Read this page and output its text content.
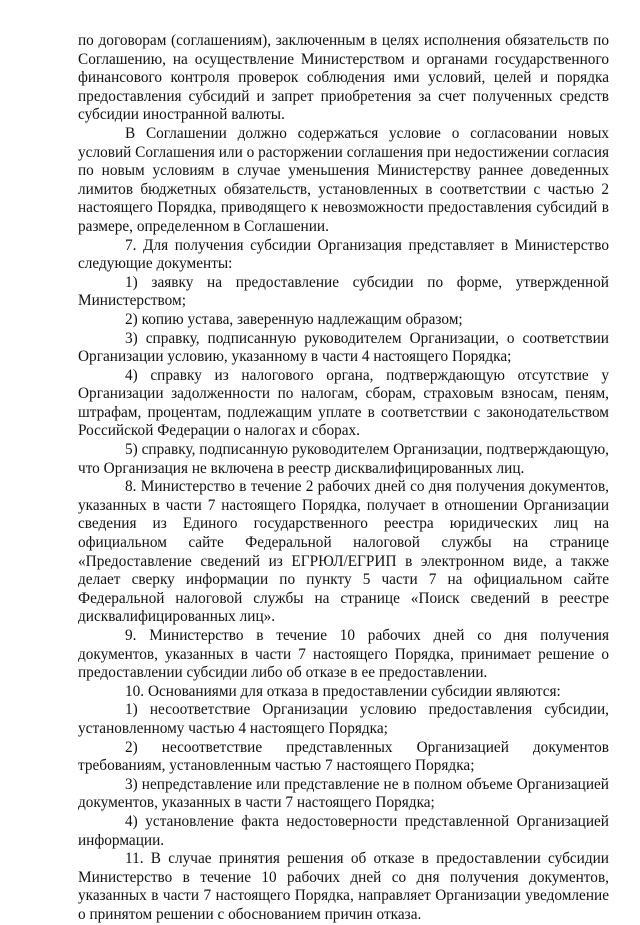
по договорам (соглашениям), заключенным в целях исполнения обязательств по Соглашению, на осуществление Министерством и органами государственного финансового контроля проверок соблюдения ими условий, целей и порядка предоставления субсидий и запрет приобретения за счет полученных средств субсидии иностранной валюты.

В Соглашении должно содержаться условие о согласовании новых условий Соглашения или о расторжении соглашения при недостижении согласия по новым условиям в случае уменьшения Министерству раннее доведенных лимитов бюджетных обязательств, установленных в соответствии с частью 2 настоящего Порядка, приводящего к невозможности предоставления субсидий в размере, определенном в Соглашении.

7. Для получения субсидии Организация представляет в Министерство следующие документы:

1) заявку на предоставление субсидии по форме, утвержденной Министерством;

2) копию устава, заверенную надлежащим образом;

3) справку, подписанную руководителем Организации, о соответствии Организации условию, указанному в части 4 настоящего Порядка;

4) справку из налогового органа, подтверждающую отсутствие у Организации задолженности по налогам, сборам, страховым взносам, пеням, штрафам, процентам, подлежащим уплате в соответствии с законодательством Российской Федерации о налогах и сборах.

5) справку, подписанную руководителем Организации, подтверждающую, что Организация не включена в реестр дисквалифицированных лиц.

8. Министерство в течение 2 рабочих дней со дня получения документов, указанных в части 7 настоящего Порядка, получает в отношении Организации сведения из Единого государственного реестра юридических лиц на официальном сайте Федеральной налоговой службы на странице «Предоставление сведений из ЕГРЮЛ/ЕГРИП в электронном виде, а также делает сверку информации по пункту 5 части 7 на официальном сайте Федеральной налоговой службы на странице «Поиск сведений в реестре дисквалифицированных лиц».

9. Министерство в течение 10 рабочих дней со дня получения документов, указанных в части 7 настоящего Порядка, принимает решение о предоставлении субсидии либо об отказе в ее предоставлении.

10. Основаниями для отказа в предоставлении субсидии являются:

1) несоответствие Организации условию предоставления субсидии, установленному частью 4 настоящего Порядка;

2) несоответствие представленных Организацией документов требованиям, установленным частью 7 настоящего Порядка;

3) непредставление или представление не в полном объеме Организацией документов, указанных в части 7 настоящего Порядка;

4) установление факта недостоверности представленной Организацией информации.

11. В случае принятия решения об отказе в предоставлении субсидии Министерство в течение 10 рабочих дней со дня получения документов, указанных в части 7 настоящего Порядка, направляет Организации уведомление о принятом решении с обоснованием причин отказа.
